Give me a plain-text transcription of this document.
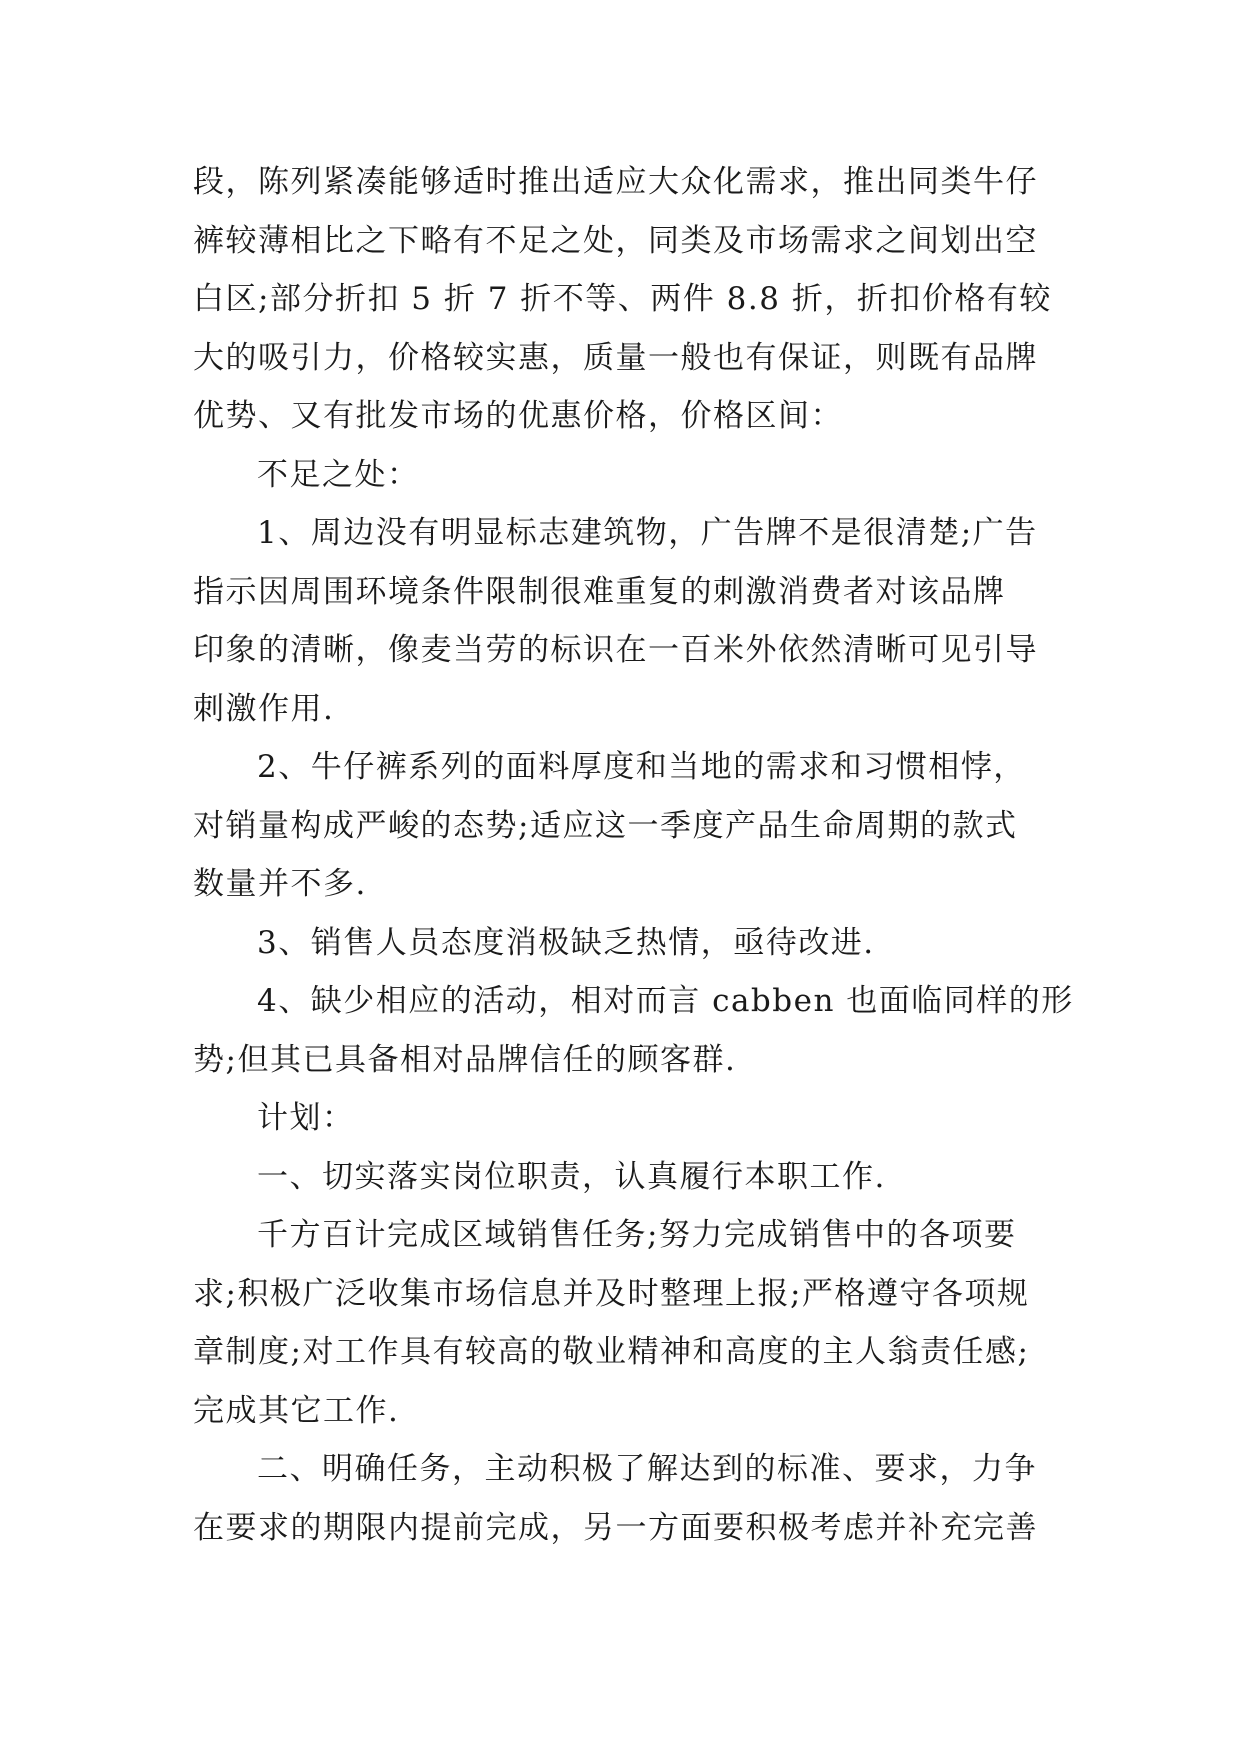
段，陈列紧凑能够适时推出适应大众化需求，推出同类牛仔
裤较薄相比之下略有不足之处，同类及市场需求之间划出空
白区;部分折扣 5 折 7 折不等、两件 8.8 折，折扣价格有较
大的吸引力，价格较实惠，质量一般也有保证，则既有品牌
优势、又有批发市场的优惠价格，价格区间：
不足之处：
1、周边没有明显标志建筑物，广告牌不是很清楚;广告
指示因周围环境条件限制很难重复的刺激消费者对该品牌
印象的清晰，像麦当劳的标识在一百米外依然清晰可见引导
刺激作用.
2、牛仔裤系列的面料厚度和当地的需求和习惯相悖，
对销量构成严峻的态势;适应这一季度产品生命周期的款式
数量并不多.
3、销售人员态度消极缺乏热情，亟待改进.
4、缺少相应的活动，相对而言 cabben 也面临同样的形
势;但其已具备相对品牌信任的顾客群.
计划：
一、切实落实岗位职责，认真履行本职工作.
千方百计完成区域销售任务;努力完成销售中的各项要
求;积极广泛收集市场信息并及时整理上报;严格遵守各项规
章制度;对工作具有较高的敬业精神和高度的主人翁责任感;
完成其它工作.
二、明确任务，主动积极了解达到的标准、要求，力争
在要求的期限内提前完成，另一方面要积极考虑并补充完善
